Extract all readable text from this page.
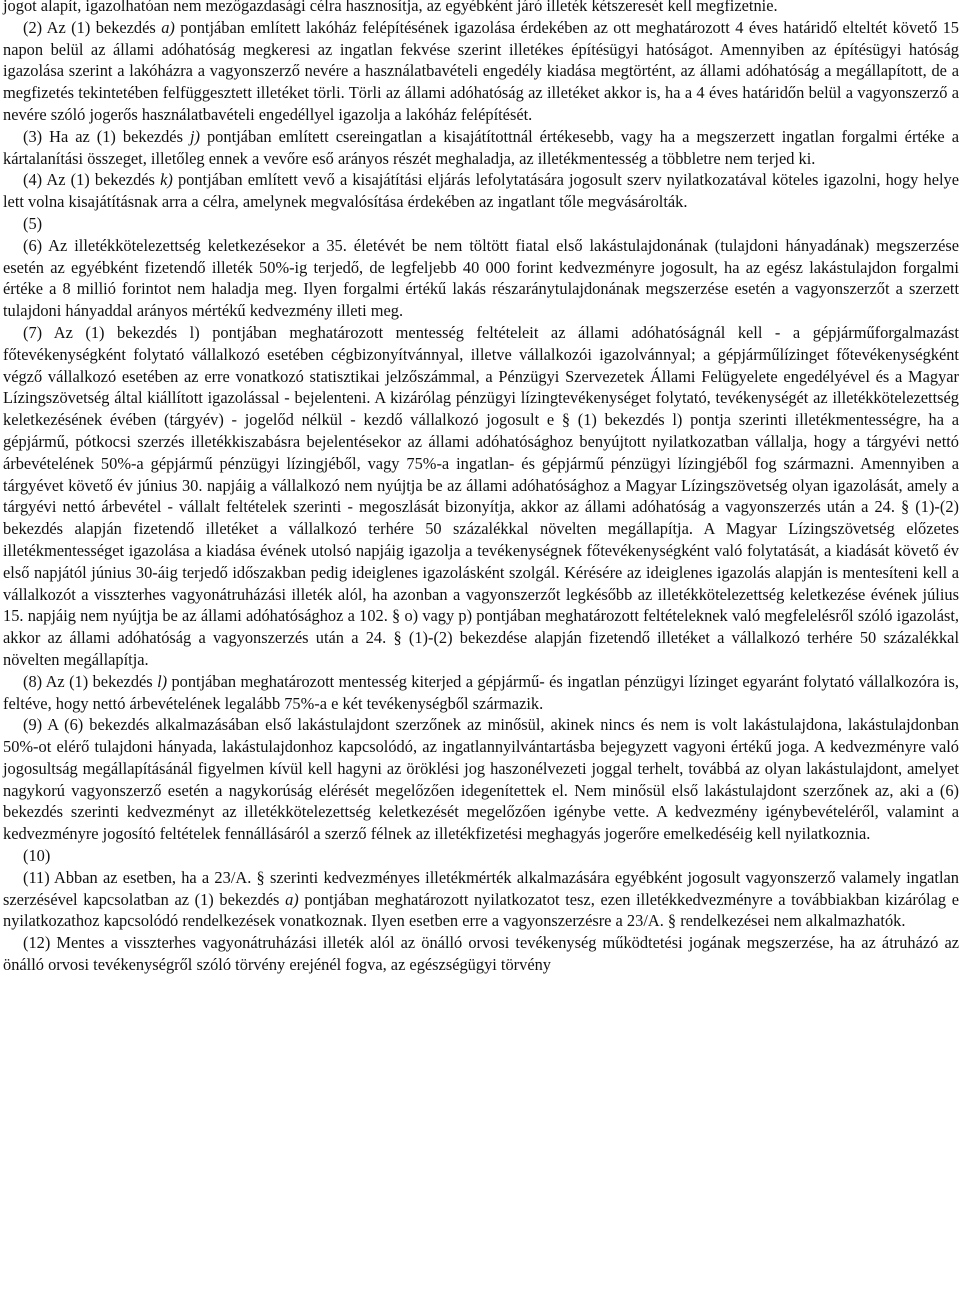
jogot alapít, igazolhatóan nem mezőgazdasági célra hasznosítja, az egyébként járó illeték kétszeresét kell megfizetnie.

(2) Az (1) bekezdés a) pontjában említett lakóház felépítésének igazolása érdekében az ott meghatározott 4 éves határidő elteltét követő 15 napon belül az állami adóhatóság megkeresi az ingatlan fekvése szerint illetékes építésügyi hatóságot. Amennyiben az építésügyi hatóság igazolása szerint a lakóházra a vagyonszerző nevére a használatbavételi engedély kiadása megtörtént, az állami adóhatóság a megállapított, de a megfizetés tekintetében felfüggesztett illetéket törli. Törli az állami adóhatóság az illetéket akkor is, ha a 4 éves határidőn belül a vagyonszerző a nevére szóló jogerős használatbavételi engedéllyel igazolja a lakóház felépítését.

(3) Ha az (1) bekezdés j) pontjában említett csereingatlan a kisajátítottnál értékesebb, vagy ha a megszerzett ingatlan forgalmi értéke a kártalanítási összeget, illetőleg ennek a vevőre eső arányos részét meghaladja, az illetékmentesség a többletre nem terjed ki.

(4) Az (1) bekezdés k) pontjában említett vevő a kisajátítási eljárás lefolytatására jogosult szerv nyilatkozatával köteles igazolni, hogy helye lett volna kisajátításnak arra a célra, amelynek megvalósítása érdekében az ingatlant tőle megvásárolták.

(5)

(6) Az illetékkötelezettség keletkezésekor a 35. életévét be nem töltött fiatal első lakástulajdonának (tulajdoni hányadának) megszerzése esetén az egyébként fizetendő illeték 50%-ig terjedő, de legfeljebb 40 000 forint kedvezményre jogosult, ha az egész lakástulajdon forgalmi értéke a 8 millió forintot nem haladja meg. Ilyen forgalmi értékű lakás részaránytulajdonának megszerzése esetén a vagyonszerzőt a szerzett tulajdoni hányaddal arányos mértékű kedvezmény illeti meg.

(7) Az (1) bekezdés l) pontjában meghatározott mentesség feltételeit az állami adóhatóságnál kell - a gépjárműforgalmazást főtevékenységként folytató vállalkozó esetében cégbizonyítvánnyal, illetve vállalkozói igazolvánnyal; a gépjárműlízinget főtevékenységként végző vállalkozó esetében az erre vonatkozó statisztikai jelzőszámmal, a Pénzügyi Szervezetek Állami Felügyelete engedélyével és a Magyar Lízingszövetség által kiállított igazolással - bejelenteni. A kizárólag pénzügyi lízingtevékenységet folytató, tevékenységét az illetékkötelezettség keletkezésének évében (tárgyév) - jogelőd nélkül - kezdő vállalkozó jogosult e § (1) bekezdés l) pontja szerinti illetékmentességre, ha a gépjármű, pótkocsi szerzés illetékkiszabásra bejelentésekor az állami adóhatósághoz benyújtott nyilatkozatban vállalja, hogy a tárgyévi nettó árbevételének 50%-a gépjármű pénzügyi lízingjéből, vagy 75%-a ingatlan- és gépjármű pénzügyi lízingjéből fog származni. Amennyiben a tárgyévet követő év június 30. napjáig a vállalkozó nem nyújtja be az állami adóhatósághoz a Magyar Lízingszövetség olyan igazolását, amely a tárgyévi nettó árbevétel - vállalt feltételek szerinti - megoszlását bizonyítja, akkor az állami adóhatóság a vagyonszerzés után a 24. § (1)-(2) bekezdés alapján fizetendő illetéket a vállalkozó terhére 50 százalékkal növelten megállapítja. A Magyar Lízingszövetség előzetes illetékmentességet igazolása a kiadása évének utolsó napjáig igazolja a tevékenységnek főtevékenységként való folytatását, a kiadását követő év első napjától június 30-áig terjedő időszakban pedig ideiglenes igazolásként szolgál. Kérésére az ideiglenes igazolás alapján is mentesíteni kell a vállalkozót a visszterhes vagyonátruházási illeték alól, ha azonban a vagyonszerzőt legkésőbb az illetékkötelezettség keletkezése évének július 15. napjáig nem nyújtja be az állami adóhatósághoz a 102. § o) vagy p) pontjában meghatározott feltételeknek való megfelelésről szóló igazolást, akkor az állami adóhatóság a vagyonszerzés után a 24. § (1)-(2) bekezdése alapján fizetendő illetéket a vállalkozó terhére 50 százalékkal növelten megállapítja.

(8) Az (1) bekezdés l) pontjában meghatározott mentesség kiterjed a gépjármű- és ingatlan pénzügyi lízinget egyaránt folytató vállalkozóra is, feltéve, hogy nettó árbevételének legalább 75%-a e két tevékenységből származik.

(9) A (6) bekezdés alkalmazásában első lakástulajdont szerzőnek az minősül, akinek nincs és nem is volt lakástulajdona, lakástulajdonban 50%-ot elérő tulajdoni hányada, lakástulajdonhoz kapcsolódó, az ingatlannyilvántartásba bejegyzett vagyoni értékű joga. A kedvezményre való jogosultság megállapításánál figyelmen kívül kell hagyni az öröklési jog haszonélvezeti joggal terhelt, továbbá az olyan lakástulajdont, amelyet nagykorú vagyonszerző esetén a nagykorúság elérését megelőzően idegenítettek el. Nem minősül első lakástulajdont szerzőnek az, aki a (6) bekezdés szerinti kedvezményt az illetékkötelezettség keletkezését megelőzően igénybe vette. A kedvezmény igénybevételéről, valamint a kedvezményre jogosító feltételek fennállásáról a szerző félnek az illetékfizetési meghagyás jogerőre emelkedéséig kell nyilatkoznia.

(10)

(11) Abban az esetben, ha a 23/A. § szerinti kedvezményes illetékmérték alkalmazására egyébként jogosult vagyonszerző valamely ingatlan szerzésével kapcsolatban az (1) bekezdés a) pontjában meghatározott nyilatkozatot tesz, ezen illetékkedvezményre a továbbiakban kizárólag e nyilatkozathoz kapcsolódó rendelkezések vonatkoznak. Ilyen esetben erre a vagyonszerzésre a 23/A. § rendelkezései nem alkalmazhatók.

(12) Mentes a visszterhes vagyonátruházási illeték alól az önálló orvosi tevékenység működtetési jogának megszerzése, ha az átruházó az önálló orvosi tevékenységről szóló törvény erejénél fogva, az egészségügyi törvény
